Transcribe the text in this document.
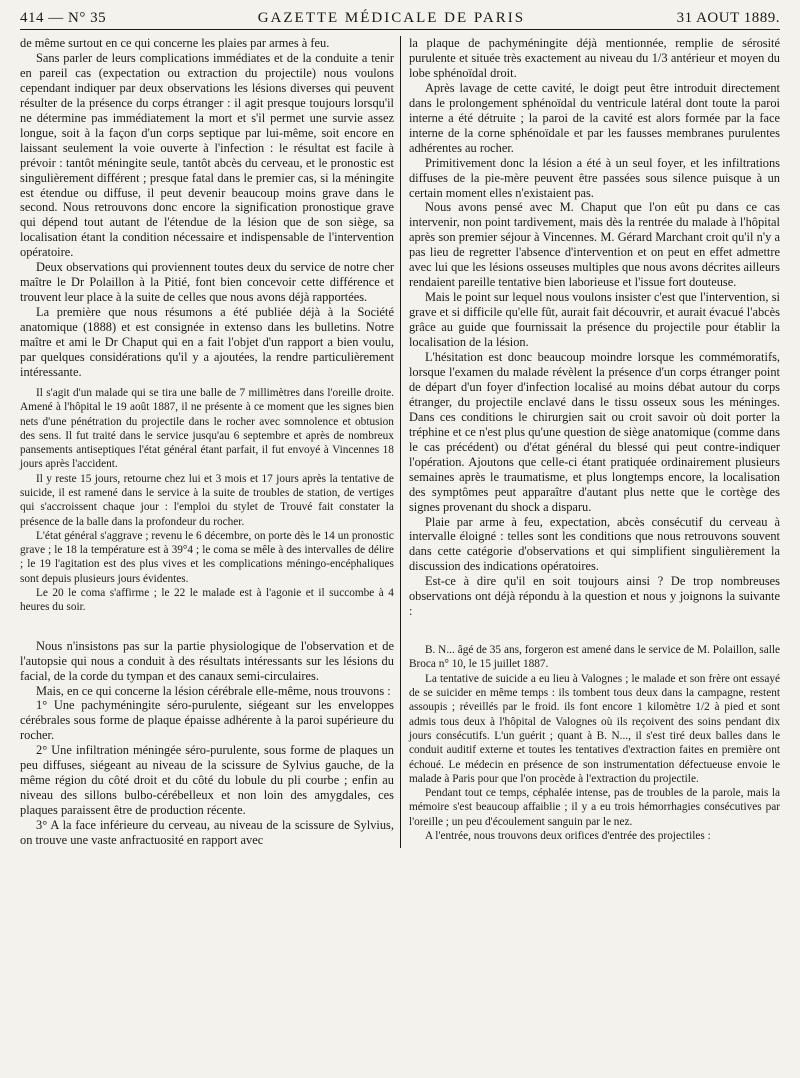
414 — N° 35	GAZETTE MÉDICALE DE PARIS	31 AOUT 1889.

de même surtout en ce qui concerne les plaies par armes à feu.

Sans parler de leurs complications immédiates et de la conduite a tenir en pareil cas (expectation ou extraction du projectile) nous voulons cependant indiquer par deux observations les lésions diverses qui peuvent résulter de la présence du corps étranger : il agit presque toujours lorsqu'il ne détermine pas immédiatement la mort et s'il permet une survie assez longue, soit à la façon d'un corps septique par lui-même, soit encore en laissant seulement la voie ouverte à l'infection : le résultat est facile à prévoir : tantôt méningite seule, tantôt abcès du cerveau, et le pronostic est singulièrement différent ; presque fatal dans le premier cas, si la méningite est étendue ou diffuse, il peut devenir beaucoup moins grave dans le second. Nous retrouvons donc encore la signification pronostique grave qui dépend tout autant de l'étendue de la lésion que de son siège, sa localisation étant la condition nécessaire et indispensable de l'intervention opératoire.

Deux observations qui proviennent toutes deux du service de notre cher maître le Dr Polaillon à la Pitié, font bien concevoir cette différence et trouvent leur place à la suite de celles que nous avons déjà rapportées.

La première que nous résumons a été publiée déjà à la Société anatomique (1888) et est consignée in extenso dans les bulletins. Notre maître et ami le Dr Chaput qui en a fait l'objet d'un rapport a bien voulu, par quelques considérations qu'il y a ajoutées, la rendre particulièrement intéressante.

Il s'agit d'un malade qui se tira une balle de 7 millimètres dans l'oreille droite. Amené à l'hôpital le 19 août 1887, il ne présente à ce moment que les signes bien nets d'une pénétration du projectile dans le rocher avec somnolence et obtusion des sens. Il fut traité dans le service jusqu'au 6 septembre et après de nombreux pansements antiseptiques l'état général étant parfait, il fut envoyé à Vincennes 18 jours après l'accident.

Il y reste 15 jours, retourne chez lui et 3 mois et 17 jours après la tentative de suicide, il est ramené dans le service à la suite de troubles de station, de vertiges qui s'accroissent chaque jour : l'emploi du stylet de Trouvé fait constater la présence de la balle dans la profondeur du rocher.

L'état général s'aggrave ; revenu le 6 décembre, on porte dès le 14 un pronostic grave ; le 18 la température est à 39°4 ; le coma se mêle à des intervalles de délire ; le 19 l'agitation est des plus vives et les complications méningo-encéphaliques sont depuis plusieurs jours évidentes.

Le 20 le coma s'affirme ; le 22 le malade est à l'agonie et il succombe à 4 heures du soir.

Nous n'insistons pas sur la partie physiologique de l'observation et de l'autopsie qui nous a conduit à des résultats intéressants sur les lésions du facial, de la corde du tympan et des canaux semi-circulaires.

Mais, en ce qui concerne la lésion cérébrale elle-même, nous trouvons :

1° Une pachyméningite séro-purulente, siégeant sur les enveloppes cérébrales sous forme de plaque épaisse adhérente à la paroi supérieure du rocher.

2° Une infiltration méningée séro-purulente, sous forme de plaques un peu diffuses, siégeant au niveau de la scissure de Sylvius gauche, de la même région du côté droit et du côté du lobule du pli courbe ; enfin au niveau des sillons bulbo-cérébelleux et non loin des amygdales, ces plaques paraissent être de production récente.

3° A la face inférieure du cerveau, au niveau de la scissure de Sylvius, on trouve une vaste anfractuosité en rapport avec

la plaque de pachyméningite déjà mentionnée, remplie de sérosité purulente et située très exactement au niveau du 1/3 antérieur et moyen du lobe sphénoïdal droit.

Après lavage de cette cavité, le doigt peut être introduit directement dans le prolongement sphénoïdal du ventricule latéral dont toute la paroi interne a été détruite ; la paroi de la cavité est alors formée par la face interne de la corne sphénoïdale et par les fausses membranes purulentes adhérentes au rocher.

Primitivement donc la lésion a été à un seul foyer, et les infiltrations diffuses de la pie-mère peuvent être passées sous silence puisque à un certain moment elles n'existaient pas.

Nous avons pensé avec M. Chaput que l'on eût pu dans ce cas intervenir, non point tardivement, mais dès la rentrée du malade à l'hôpital après son premier séjour à Vincennes. M. Gérard Marchant croit qu'il n'y a pas lieu de regretter l'absence d'intervention et on peut en effet admettre avec lui que les lésions osseuses multiples que nous avons décrites ailleurs rendaient pareille tentative bien laborieuse et l'issue fort douteuse.

Mais le point sur lequel nous voulons insister c'est que l'intervention, si grave et si difficile qu'elle fût, aurait fait découvrir, et aurait évacué l'abcès grâce au guide que fournissait la présence du projectile pour établir la localisation de la lésion.

L'hésitation est donc beaucoup moindre lorsque les commémoratifs, lorsque l'examen du malade révèlent la présence d'un corps étranger point de départ d'un foyer d'infection localisé au moins débat autour du corps étranger, du projectile enclavé dans le tissu osseux sous les méninges. Dans ces conditions le chirurgien sait ou croit savoir où doit porter la tréphine et ce n'est plus qu'une question de siège anatomique (comme dans le cas précédent) ou d'état général du blessé qui peut contre-indiquer l'opération. Ajoutons que celle-ci étant pratiquée ordinairement plusieurs semaines après le traumatisme, et plus longtemps encore, la localisation des symptômes peut apparaître d'autant plus nette que le cortège des signes provenant du shock a disparu.

Plaie par arme à feu, expectation, abcès consécutif du cerveau à intervalle éloigné : telles sont les conditions que nous retrouvons souvent dans cette catégorie d'observations et qui simplifient singulièrement la discussion des indications opératoires.

Est-ce à dire qu'il en soit toujours ainsi ? De trop nombreuses observations ont déjà répondu à la question et nous y joignons la suivante :

B. N... âgé de 35 ans, forgeron est amené dans le service de M. Polaillon, salle Broca n° 10, le 15 juillet 1887.

La tentative de suicide a eu lieu à Valognes ; le malade et son frère ont essayé de se suicider en même temps : ils tombent tous deux dans la campagne, restent assoupis ; réveillés par le froid. ils font encore 1 kilomètre 1/2 à pied et sont admis tous deux à l'hôpital de Valognes où ils reçoivent des soins pendant dix jours consécutifs. L'un guérit ; quant à B. N..., il s'est tiré deux balles dans le conduit auditif externe et toutes les tentatives d'extraction faites en première ont échoué. Le médecin en présence de son instrumentation défectueuse envoie le malade à Paris pour que l'on procède à l'extraction du projectile.

Pendant tout ce temps, céphalée intense, pas de troubles de la parole, mais la mémoire s'est beaucoup affaiblie ; il y a eu trois hémorrhagies consécutives par l'oreille ; un peu d'écoulement sanguin par le nez.

A l'entrée, nous trouvons deux orifices d'entrée des projectiles :
